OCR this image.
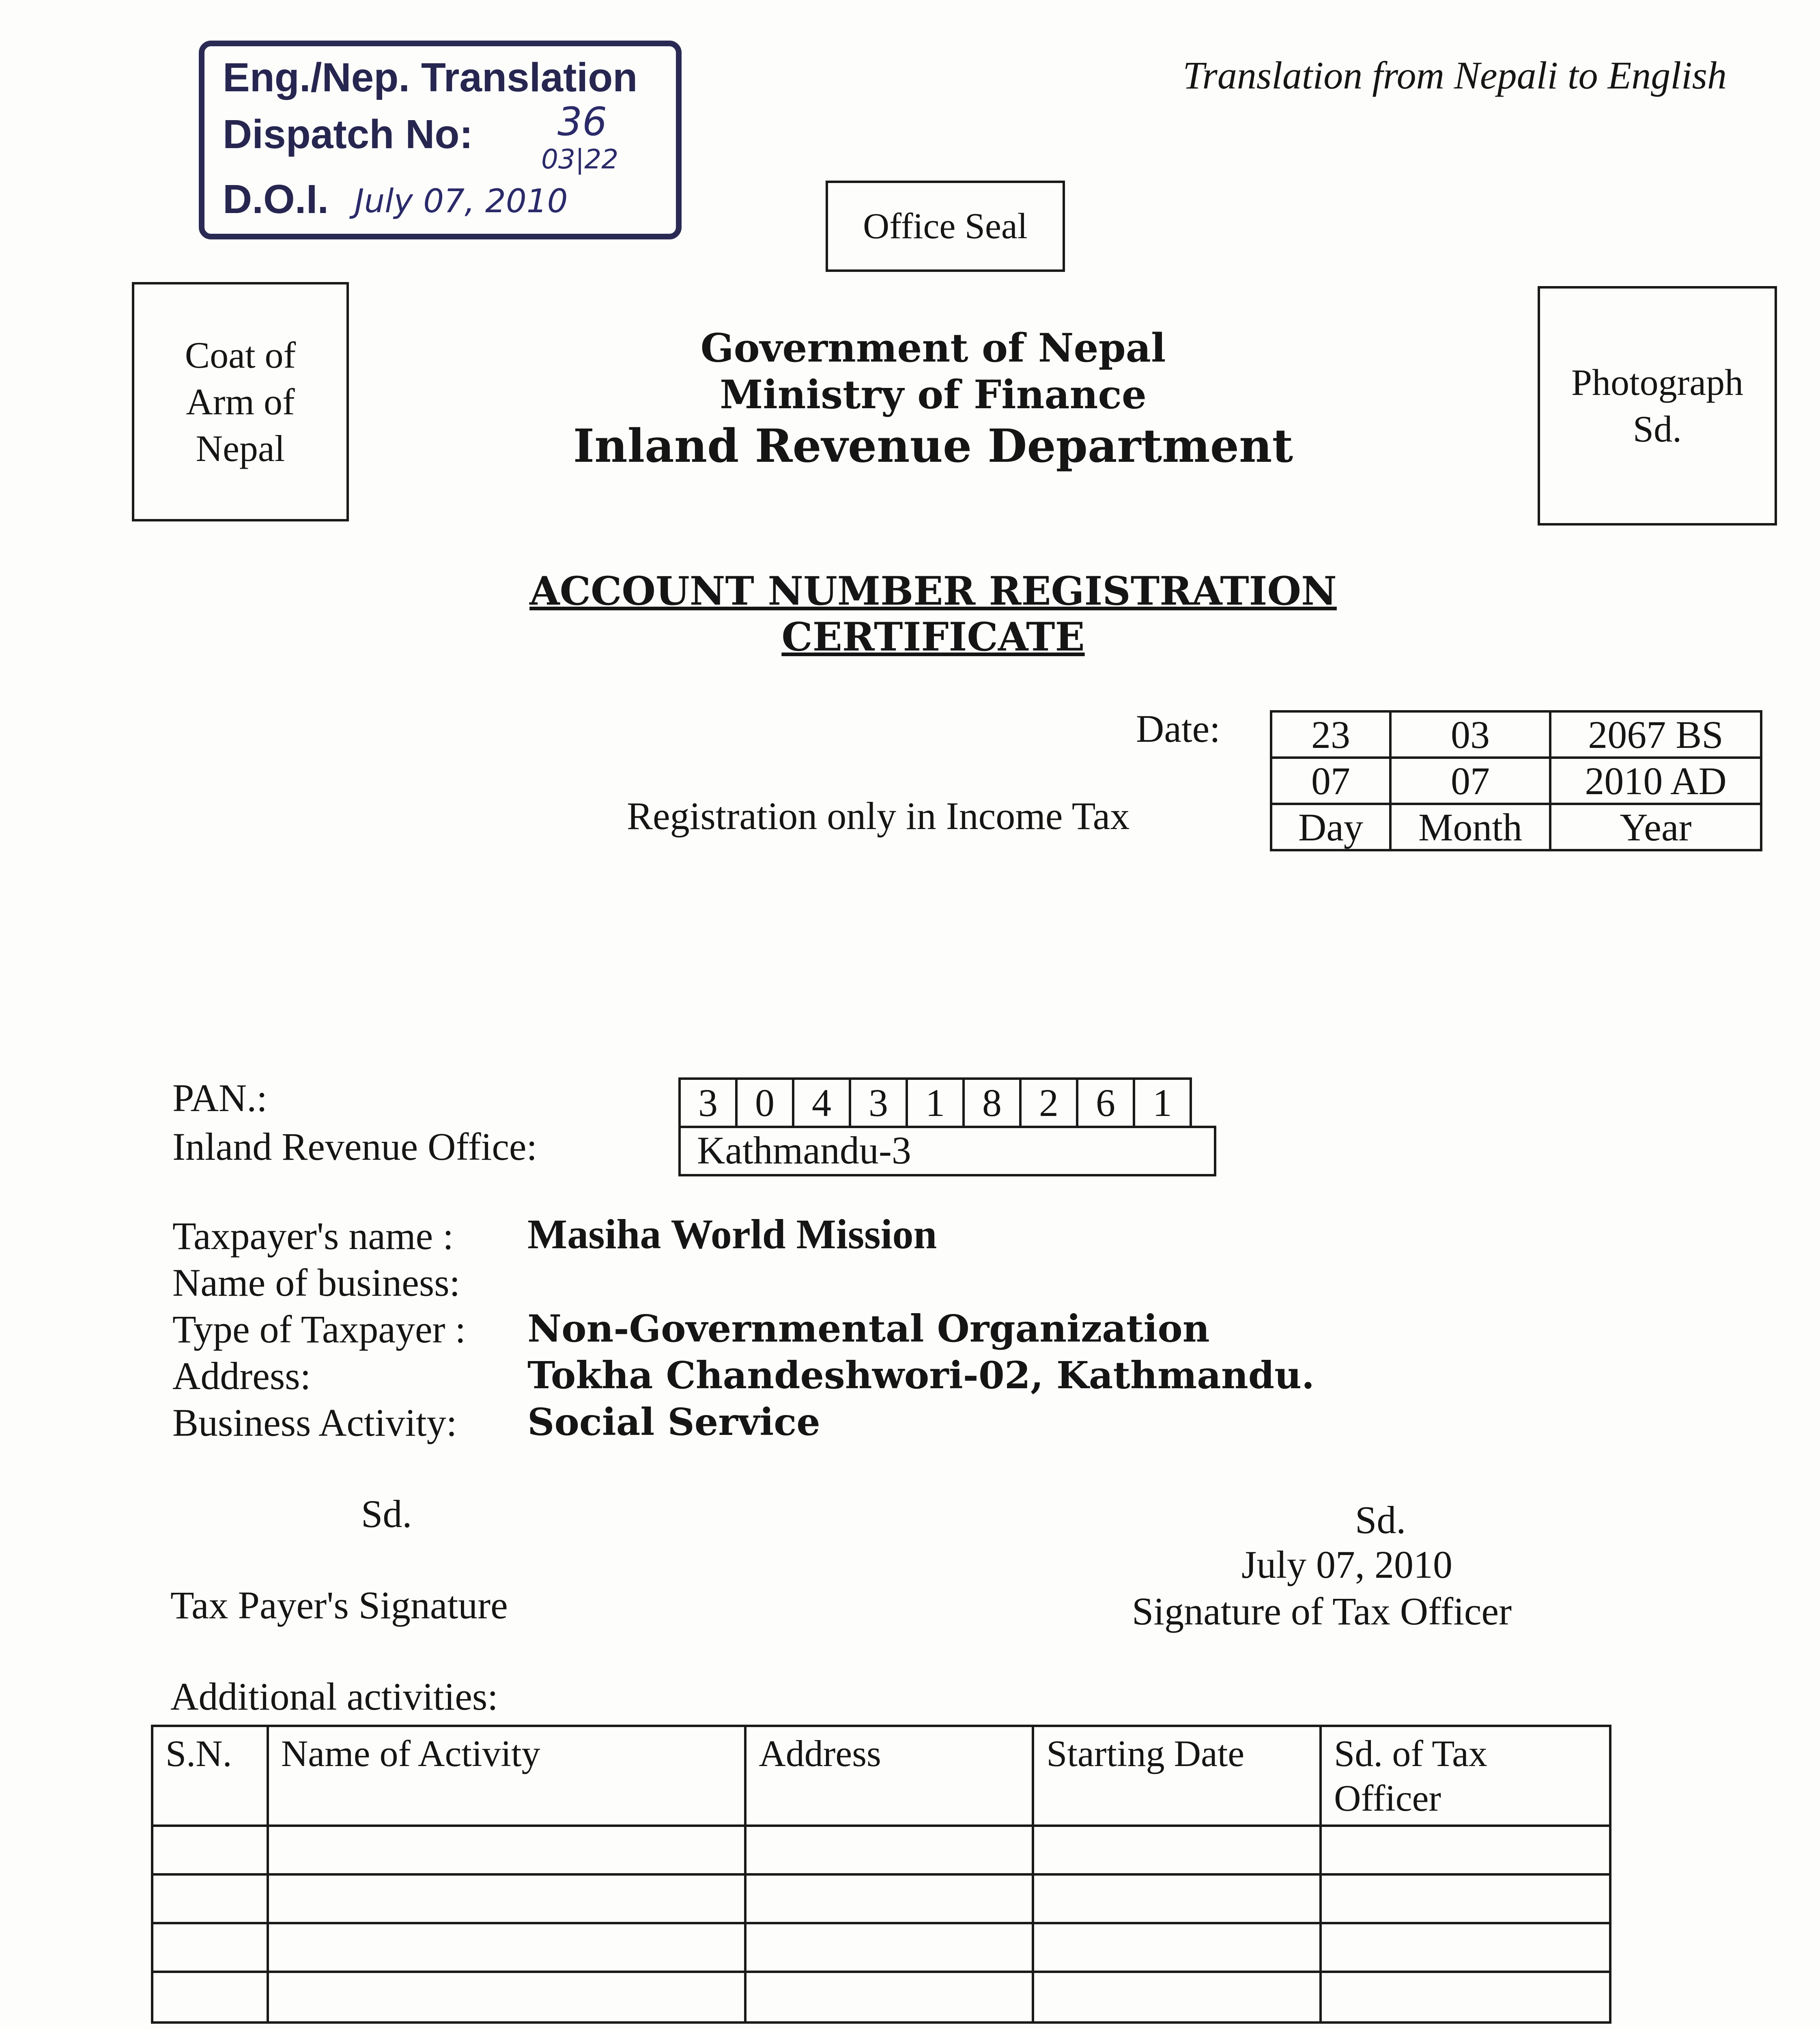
Eng./Nep. Translation
Dispatch No: 36
03|22
D.O.I. July 07, 2010
Translation from Nepali to English
Office Seal
Coat of
Arm of
Nepal
Photograph
Sd.
Government of Nepal
Ministry of Finance
Inland Revenue Department
ACCOUNT NUMBER REGISTRATION CERTIFICATE
Date:
Registration only in Income Tax
23	03	2067 BS
07	07	2010 AD
Day	Month	Year
PAN.:	3 0 4 3 1 8 2 6 1
Inland Revenue Office:	Kathmandu-3
Taxpayer's name : Masiha World Mission
Name of business:
Type of Taxpayer : Non-Governmental Organization
Address:	Tokha Chandeshwori-02, Kathmandu.
Business Activity: Social Service
Sd.
Tax Payer's Signature
Sd.
July 07, 2010
Signature of Tax Officer
Additional activities:
S.N.	Name of Activity	Address	Starting Date	Sd. of Tax Officer
